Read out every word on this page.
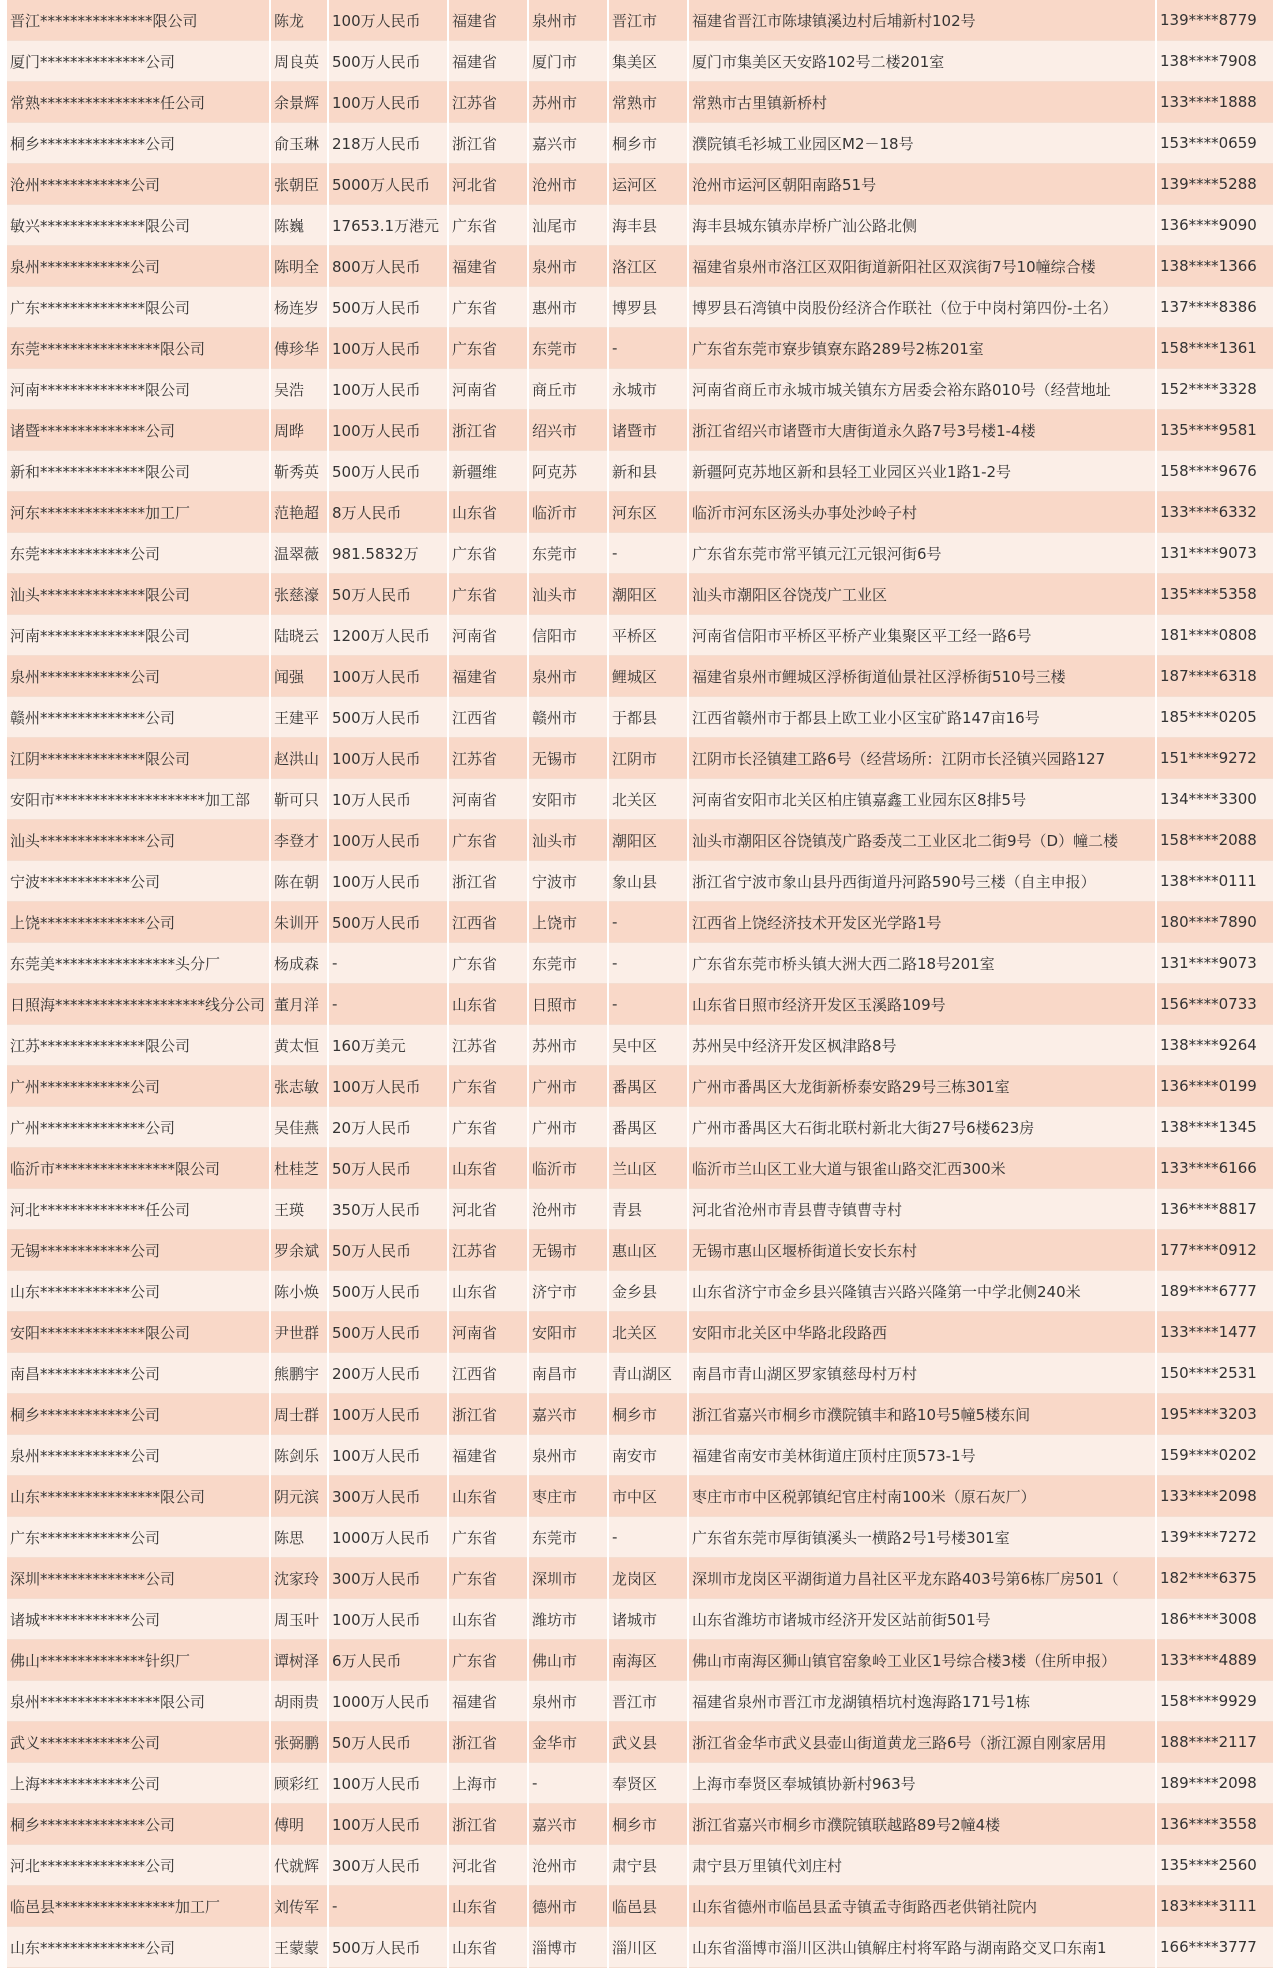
晋江***************限公司	陈龙	100万人民币	福建省	泉州市	晋江市	福建省晋江市陈埭镇溪边村后埔新村102号	139****8779
厦门**************公司	周良英	500万人民币	福建省	厦门市	集美区	厦门市集美区天安路102号二楼201室	138****7908
常熟****************任公司	余景辉	100万人民币	江苏省	苏州市	常熟市	常熟市古里镇新桥村	133****1888
桐乡**************公司	俞玉琳	218万人民币	浙江省	嘉兴市	桐乡市	濮院镇毛衫城工业园区M2－18号	153****0659
沧州************公司	张朝臣	5000万人民币	河北省	沧州市	运河区	沧州市运河区朝阳南路51号	139****5288
敏兴**************限公司	陈巍	17653.1万港元	广东省	汕尾市	海丰县	海丰县城东镇赤岸桥广汕公路北侧	136****9090
泉州************公司	陈明全	800万人民币	福建省	泉州市	洛江区	福建省泉州市洛江区双阳街道新阳社区双滨街7号10幢综合楼	138****1366
广东**************限公司	杨连岁	500万人民币	广东省	惠州市	博罗县	博罗县石湾镇中岗股份经济合作联社（位于中岗村第四份-土名）	137****8386
东莞****************限公司	傅珍华	100万人民币	广东省	东莞市	-	广东省东莞市寮步镇寮东路289号2栋201室	158****1361
河南**************限公司	吴浩	100万人民币	河南省	商丘市	永城市	河南省商丘市永城市城关镇东方居委会裕东路010号（经营地址	152****3328
诸暨**************公司	周晔	100万人民币	浙江省	绍兴市	诸暨市	浙江省绍兴市诸暨市大唐街道永久路7号3号楼1-4楼	135****9581
新和**************限公司	靳秀英	500万人民币	新疆维	阿克苏	新和县	新疆阿克苏地区新和县轻工业园区兴业1路1-2号	158****9676
河东**************加工厂	范艳超	8万人民币	山东省	临沂市	河东区	临沂市河东区汤头办事处沙岭子村	133****6332
东莞************公司	温翠薇	981.5832万	广东省	东莞市	-	广东省东莞市常平镇元江元银河街6号	131****9073
汕头**************限公司	张慈濠	50万人民币	广东省	汕头市	潮阳区	汕头市潮阳区谷饶茂广工业区	135****5358
河南**************限公司	陆晓云	1200万人民币	河南省	信阳市	平桥区	河南省信阳市平桥区平桥产业集聚区平工经一路6号	181****0808
泉州************公司	闻强	100万人民币	福建省	泉州市	鲤城区	福建省泉州市鲤城区浮桥街道仙景社区浮桥街510号三楼	187****6318
赣州**************公司	王建平	500万人民币	江西省	赣州市	于都县	江西省赣州市于都县上欧工业小区宝矿路147亩16号	185****0205
江阴**************限公司	赵洪山	100万人民币	江苏省	无锡市	江阴市	江阴市长泾镇建工路6号（经营场所：江阴市长泾镇兴园路127	151****9272
安阳市********************加工部	靳可只	10万人民币	河南省	安阳市	北关区	河南省安阳市北关区柏庄镇嘉鑫工业园东区8排5号	134****3300
汕头**************公司	李登才	100万人民币	广东省	汕头市	潮阳区	汕头市潮阳区谷饶镇茂广路委茂二工业区北二街9号（D）幢二楼	158****2088
宁波************公司	陈在朝	100万人民币	浙江省	宁波市	象山县	浙江省宁波市象山县丹西街道丹河路590号三楼（自主申报）	138****0111
上饶**************公司	朱训开	500万人民币	江西省	上饶市	-	江西省上饶经济技术开发区光学路1号	180****7890
东莞美****************头分厂	杨成森	-	广东省	东莞市	-	广东省东莞市桥头镇大洲大西二路18号201室	131****9073
日照海********************线分公司	董月洋	-	山东省	日照市	-	山东省日照市经济开发区玉溪路109号	156****0733
江苏**************限公司	黄太恒	160万美元	江苏省	苏州市	吴中区	苏州吴中经济开发区枫津路8号	138****9264
广州************公司	张志敏	100万人民币	广东省	广州市	番禺区	广州市番禺区大龙街新桥泰安路29号三栋301室	136****0199
广州**************公司	吴佳燕	20万人民币	广东省	广州市	番禺区	广州市番禺区大石街北联村新北大街27号6楼623房	138****1345
临沂市****************限公司	杜桂芝	50万人民币	山东省	临沂市	兰山区	临沂市兰山区工业大道与银雀山路交汇西300米	133****6166
河北**************任公司	王瑛	350万人民币	河北省	沧州市	青县	河北省沧州市青县曹寺镇曹寺村	136****8817
无锡************公司	罗余斌	50万人民币	江苏省	无锡市	惠山区	无锡市惠山区堰桥街道长安长东村	177****0912
山东************公司	陈小焕	500万人民币	山东省	济宁市	金乡县	山东省济宁市金乡县兴隆镇吉兴路兴隆第一中学北侧240米	189****6777
安阳**************限公司	尹世群	500万人民币	河南省	安阳市	北关区	安阳市北关区中华路北段路西	133****1477
南昌************公司	熊鹏宇	200万人民币	江西省	南昌市	青山湖区	南昌市青山湖区罗家镇慈母村万村	150****2531
桐乡************公司	周士群	100万人民币	浙江省	嘉兴市	桐乡市	浙江省嘉兴市桐乡市濮院镇丰和路10号5幢5楼东间	195****3203
泉州************公司	陈剑乐	100万人民币	福建省	泉州市	南安市	福建省南安市美林街道庄顶村庄顶573-1号	159****0202
山东****************限公司	阴元滨	300万人民币	山东省	枣庄市	市中区	枣庄市市中区税郭镇纪官庄村南100米（原石灰厂）	133****2098
广东************公司	陈思	1000万人民币	广东省	东莞市	-	广东省东莞市厚街镇溪头一横路2号1号楼301室	139****7272
深圳**************公司	沈家玲	300万人民币	广东省	深圳市	龙岗区	深圳市龙岗区平湖街道力昌社区平龙东路403号第6栋厂房501（	182****6375
诸城************公司	周玉叶	100万人民币	山东省	潍坊市	诸城市	山东省潍坊市诸城市经济开发区站前街501号	186****3008
佛山**************针织厂	谭树泽	6万人民币	广东省	佛山市	南海区	佛山市南海区狮山镇官窑象岭工业区1号综合楼3楼（住所申报）	133****4889
泉州****************限公司	胡雨贵	1000万人民币	福建省	泉州市	晋江市	福建省泉州市晋江市龙湖镇梧坑村逸海路171号1栋	158****9929
武义************公司	张弼鹏	50万人民币	浙江省	金华市	武义县	浙江省金华市武义县壶山街道黄龙三路6号（浙江源自刚家居用	188****2117
上海************公司	顾彩红	100万人民币	上海市	-	奉贤区	上海市奉贤区奉城镇协新村963号	189****2098
桐乡**************公司	傅明	100万人民币	浙江省	嘉兴市	桐乡市	浙江省嘉兴市桐乡市濮院镇联越路89号2幢4楼	136****3558
河北**************公司	代就辉	300万人民币	河北省	沧州市	肃宁县	肃宁县万里镇代刘庄村	135****2560
临邑县****************加工厂	刘传军	-	山东省	德州市	临邑县	山东省德州市临邑县孟寺镇孟寺街路西老供销社院内	183****3111
山东**************公司	王蒙蒙	500万人民币	山东省	淄博市	淄川区	山东省淄博市淄川区洪山镇解庄村将军路与湖南路交叉口东南1	166****3777
